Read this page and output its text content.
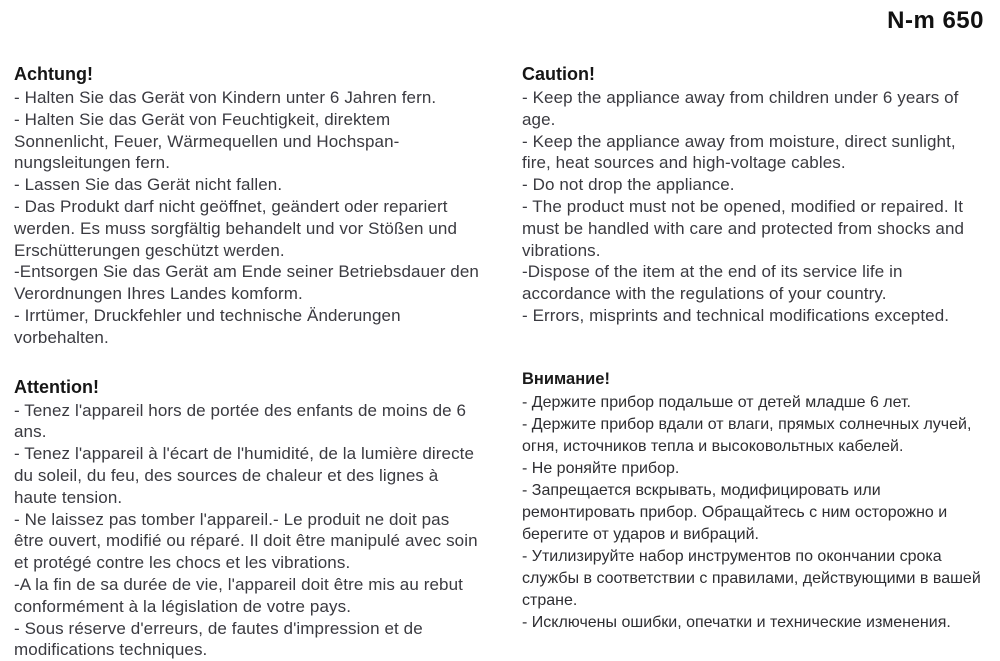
N-m 650

Achtung!

- Halten Sie das Gerät von Kindern unter 6 Jahren fern.

- Halten Sie das Gerät von Feuchtigkeit, direktem Sonnenlicht, Feuer, Wärmequellen und Hochspan-nungsleitungen fern.

- Lassen Sie das Gerät nicht fallen.

- Das Produkt darf nicht geöffnet, geändert oder repariert werden. Es muss sorgfältig behandelt und vor Stößen und Erschütterungen geschützt werden.

-Entsorgen Sie das Gerät am Ende seiner Betriebsdauer den Verordnungen Ihres Landes komform.

- Irrtümer, Druckfehler und technische Änderungen vorbehalten.

Attention!

- Tenez l'appareil hors de portée des enfants de moins de 6 ans.

- Tenez l'appareil à l'écart de l'humidité, de la lumière directe du soleil, du feu, des sources de chaleur et des lignes à haute tension.

- Ne laissez pas tomber l'appareil.- Le produit ne doit pas être ouvert, modifié ou réparé. Il doit être manipulé avec soin et protégé contre les chocs et les vibrations.

-A la fin de sa durée de vie, l'appareil doit être mis au rebut conformément à la législation de votre pays.

- Sous réserve d'erreurs, de fautes d'impression et de modifications techniques.

Caution!

- Keep the appliance away from children under 6 years of age.

- Keep the appliance away from moisture, direct sunlight, fire, heat sources and high-voltage cables.

- Do not drop the appliance.

- The product must not be opened, modified or repaired. It must be handled with care and protected from shocks and vibrations.

-Dispose of the item at the end of its service life in accordance with the regulations of your country.

- Errors, misprints and technical modifications excepted.

Внимание!

- Держите прибор подальше от детей младше 6 лет.

- Держите прибор вдали от влаги, прямых солнечных лучей, огня, источников тепла и высоковольтных кабелей.

- Не роняйте прибор.

- Запрещается вскрывать, модифицировать или ремонтировать прибор. Обращайтесь с ним осторожно и берегите от ударов и вибраций.

- Утилизируйте набор инструментов по окончании срока службы в соответствии с правилами, действующими в вашей стране.

- Исключены ошибки, опечатки и технические изменения.
